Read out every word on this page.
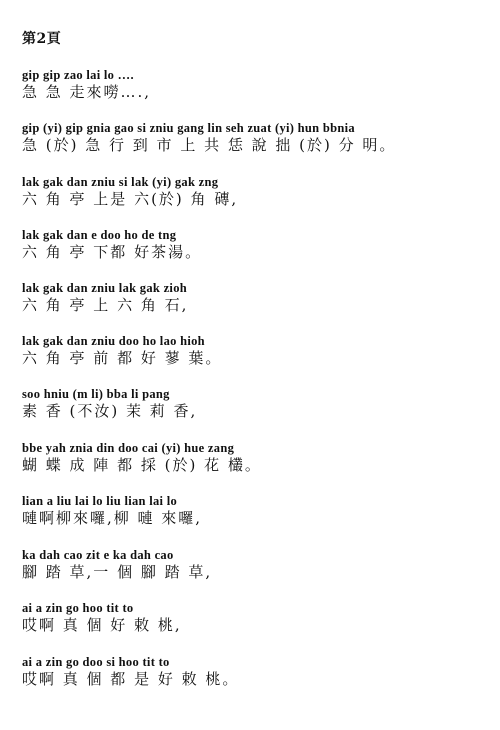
第2頁
gip gip zao lai lo ….
急 急 走來嘮….,
gip (yi) gip gnia gao si zniu gang lin seh zuat (yi) hun bbnia
急 (於) 急 行 到 市 上 共 恁 說 拙 (於) 分 明。
lak gak dan zniu si lak (yi) gak zng
六 角 亭 上是 六(於) 角 磚,
lak gak dan e doo ho de tng
六 角 亭 下都 好茶湯。
lak gak dan zniu lak gak zioh
六 角 亭 上 六 角 石,
lak gak dan zniu doo ho lao hioh
六 角 亭 前 都 好 蓼 葉。
soo hniu (m li) bba li pang
素 香 (不汝) 茉 莉 香,
bbe yah znia din doo cai (yi) hue zang
蝴 蝶 成 陣 都 採 (於) 花 欉。
lian a liu lai lo liu lian lai lo
嗹啊柳來囉,柳 嗹 來囉,
ka dah cao zit e ka dah cao
腳 踏 草,一 個 腳 踏 草,
ai a zin go hoo tit to
哎啊 真 個 好 敕 桃,
ai a zin go doo si hoo tit to
哎啊 真 個 都 是 好 敕 桃。
